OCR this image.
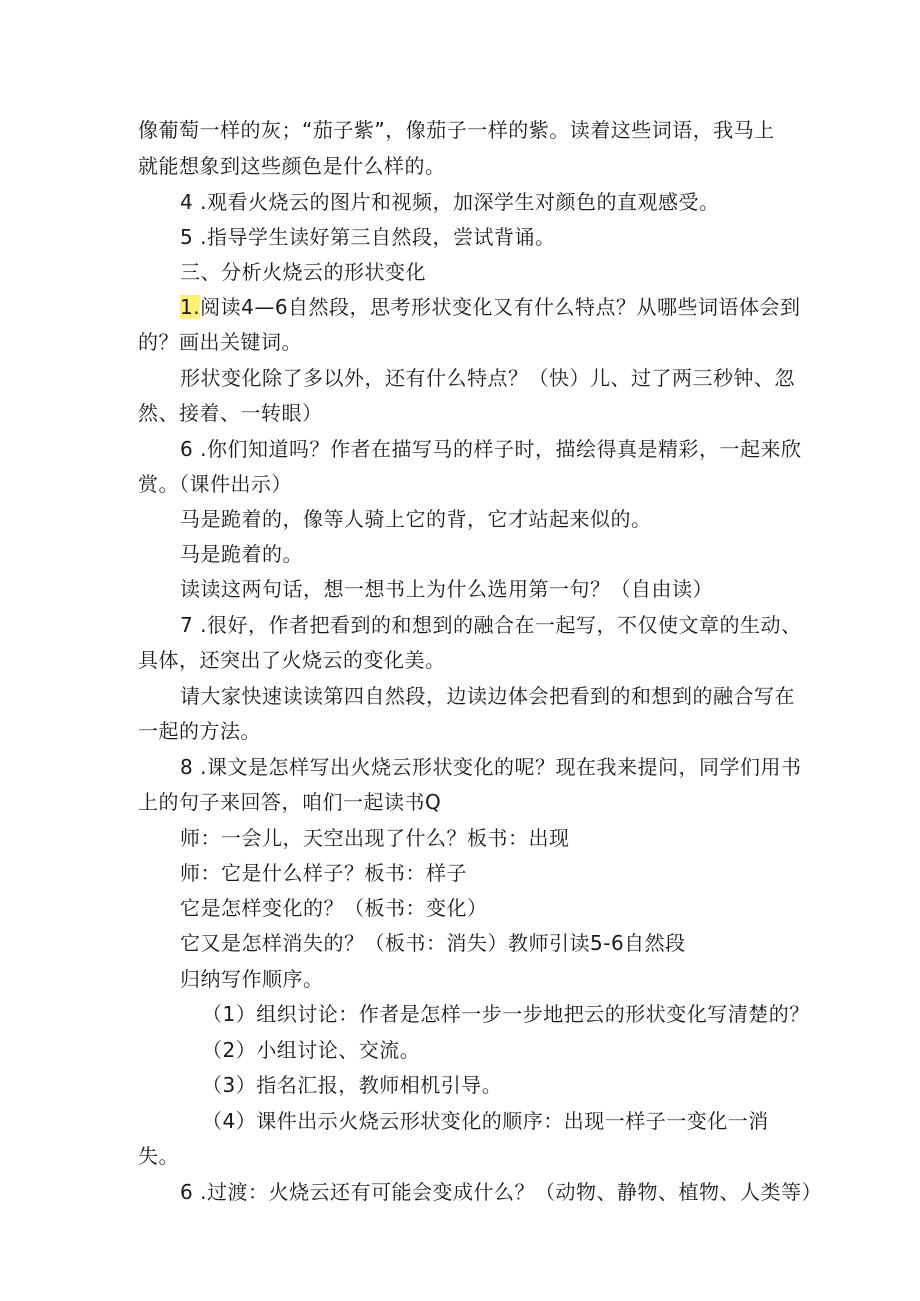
像葡萄一样的灰；“茄子紫”，像茄子一样的紫。读着这些词语，我马上
就能想象到这些颜色是什么样的。
4 .观看火烧云的图片和视频，加深学生对颜色的直观感受。
5 .指导学生读好第三自然段，尝试背诵。
三、分析火烧云的形状变化
1.阅读4—6自然段，思考形状变化又有什么特点？从哪些词语体会到
的？画出关键词。
形状变化除了多以外，还有什么特点？（快）儿、过了两三秒钟、忽
然、接着、一转眼）
6 .你们知道吗？作者在描写马的样子时，描绘得真是精彩，一起来欣
赏。（课件出示）
马是跪着的，像等人骑上它的背，它才站起来似的。
马是跪着的。
读读这两句话，想一想书上为什么选用第一句？（自由读）
7 .很好，作者把看到的和想到的融合在一起写，不仅使文章的生动、
具体，还突出了火烧云的变化美。
请大家快速读读第四自然段，边读边体会把看到的和想到的融合写在
一起的方法。
8 .课文是怎样写出火烧云形状变化的呢？现在我来提问，同学们用书
上的句子来回答，咱们一起读书Q
师：一会儿，天空出现了什么？板书：出现
师：它是什么样子？板书：样子
它是怎样变化的？（板书：变化）
它又是怎样消失的？（板书：消失）教师引读5-6自然段
归纳写作顺序。
（1）组织讨论：作者是怎样一步一步地把云的形状变化写清楚的？
（2）小组讨论、交流。
（3）指名汇报，教师相机引导。
（4）课件出示火烧云形状变化的顺序：出现一样子一变化一消
失。
6 .过渡：火烧云还有可能会变成什么？（动物、静物、植物、人类等）
